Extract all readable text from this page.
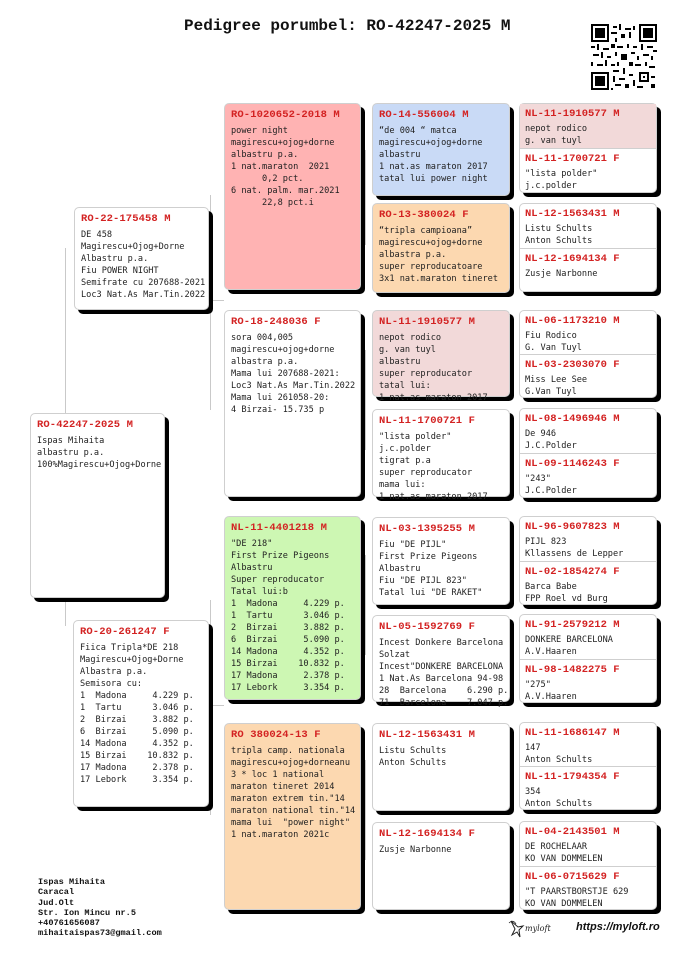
Pedigree porumbel: RO-42247-2025 M
RO-22-175458 M
DE 458
Magirescu+Ojog+Dorne
Albastru p.a.
Fiu POWER NIGHT
Semifrate cu 207688-2021
Loc3 Nat.As Mar.Tin.2022
RO-42247-2025 M
Ispas Mihaita
albastru p.a.
100%Magirescu+Ojog+Dorne
RO-20-261247 F
Fiica Tripla*DE 218
Magirescu+Ojog+Dorne
Albastra p.a.
Semisora cu:
1  Madona     4.229 p.
1  Tartu      3.046 p.
2  Birzai     3.882 p.
6  Birzai     5.090 p.
14 Madona     4.352 p.
15 Birzai    10.832 p.
17 Madona     2.378 p.
17 Lebork     3.354 p.
RO-1020652-2018 M
power night
magirescu+ojog+dorne
albastru p.a.
1 nat.maraton  2021
0,2 pct.
6 nat. palm. mar.2021
22,8 pct.i
RO-18-248036 F
sora 004,005
magirescu+ojog+dorne
albastra p.a.
Mama lui 207688-2021:
Loc3 Nat.As Mar.Tin.2022
Mama lui 261058-20:
4 Birzai- 15.735 p
NL-11-4401218 M
"DE 218"
First Prize Pigeons
Albastru
Super reproducator
Tatal lui:b
1  Madona     4.229 p.
1  Tartu      3.046 p.
2  Birzai     3.882 p.
6  Birzai     5.090 p.
14 Madona     4.352 p.
15 Birzai    10.832 p.
17 Madona     2.378 p.
17 Lebork     3.354 p.
RO 380024-13 F
tripla camp. nationala
magirescu+ojog+dorneanu
3 * loc 1 national
maraton tineret 2014
maraton extrem tin."14
maraton national tin."14
mama lui  "power night"
1 nat.maraton 2021c
RO-14-556004 M
“de 004 “ matca
magirescu+ojog+dorne
albastru
1 nat.as maraton 2017
tatal lui power night
RO-13-380024 F
“tripla campioana”
magirescu+ojog+dorne
albastra p.a.
super reproducatoare
3x1 nat.maraton tineret
NL-11-1910577 M
nepot rodico
g. van tuyl
albastru
super reproducator
tatal lui:
1 nat.as maraton 2017
NL-11-1700721 F
"lista polder"
j.c.polder
tigrat p.a
super reproducator
mama lui:
1 nat.as maraton 2017
NL-03-1395255 M
Fiu "DE PIJL"
First Prize Pigeons
Albastru
Fiu "DE PIJL 823"
Tatal lui "DE RAKET"
NL-05-1592769 F
Incest Donkere Barcelona
Solzat
Incest"DONKERE BARCELONA
1 Nat.As Barcelona 94-98
28  Barcelona    6.290 p.
71  Barcelona    7.047 p.
NL-12-1563431 M
Listu Schults
Anton Schults
NL-12-1694134 F
Zusje Narbonne
NL-11-1910577 M
nepot rodico
g. van tuyl
NL-11-1700721 F
"lista polder"
j.c.polder
NL-12-1563431 M
Listu Schults
Anton Schults
NL-12-1694134 F
Zusje Narbonne
NL-06-1173210 M
Fiu Rodico
G. Van Tuyl
NL-03-2303070 F
Miss Lee See
G.Van Tuyl
NL-08-1496946 M
De 946
J.C.Polder
NL-09-1146243 F
"243"
J.C.Polder
NL-96-9607823 M
PIJL 823
Kllassens de Lepper
NL-02-1854274 F
Barca Babe
FPP Roel vd Burg
NL-91-2579212 M
DONKERE BARCELONA
A.V.Haaren
NL-98-1482275 F
"275"
A.V.Haaren
NL-11-1686147 M
147
Anton Schults
NL-11-1794354 F
354
Anton Schults
NL-04-2143501 M
DE ROCHELAAR
KO VAN DOMMELEN
NL-06-0715629 F
"T PAARSTBORSTJE 629
KO VAN DOMMELEN
Ispas Mihaita
Caracal
Jud.Olt
Str. Ion Mincu nr.5
+40761656087
mihaitaispas73@gmail.com	myloft https://myloft.ro
